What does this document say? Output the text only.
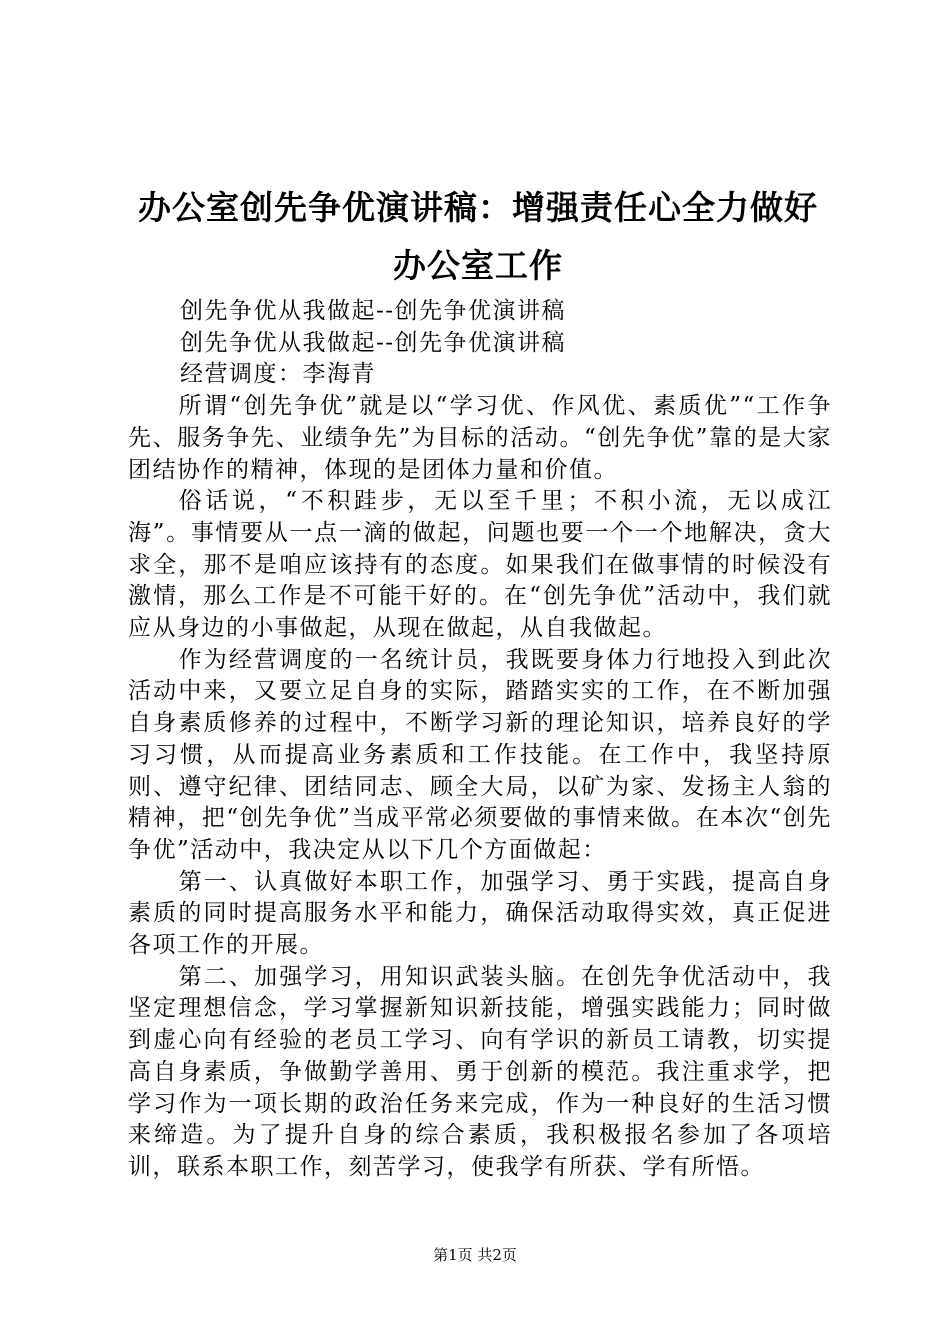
办公室创先争优演讲稿：增强责任心全力做好
办公室工作

创先争优从我做起--创先争优演讲稿

创先争优从我做起--创先争优演讲稿

经营调度：李海青

所谓“创先争优”就是以“学习优、作风优、素质优”“工作争先、服务争先、业绩争先”为目标的活动。“创先争优”靠的是大家团结协作的精神，体现的是团体力量和价值。

俗话说，“不积跬步，无以至千里；不积小流，无以成江海”。事情要从一点一滴的做起，问题也要一个一个地解决，贪大求全，那不是咱应该持有的态度。如果我们在做事情的时候没有激情，那么工作是不可能干好的。在“创先争优”活动中，我们就应从身边的小事做起，从现在做起，从自我做起。

作为经营调度的一名统计员，我既要身体力行地投入到此次活动中来，又要立足自身的实际，踏踏实实的工作，在不断加强自身素质修养的过程中，不断学习新的理论知识，培养良好的学习习惯，从而提高业务素质和工作技能。在工作中，我坚持原则、遵守纪律、团结同志、顾全大局，以矿为家、发扬主人翁的精神，把“创先争优”当成平常必须要做的事情来做。在本次“创先争优”活动中，我决定从以下几个方面做起：

第一、认真做好本职工作，加强学习、勇于实践，提高自身素质的同时提高服务水平和能力，确保活动取得实效，真正促进各项工作的开展。

第二、加强学习，用知识武装头脑。在创先争优活动中，我坚定理想信念，学习掌握新知识新技能，增强实践能力；同时做到虚心向有经验的老员工学习、向有学识的新员工请教，切实提高自身素质，争做勤学善用、勇于创新的模范。我注重求学，把学习作为一项长期的政治任务来完成，作为一种良好的生活习惯来缔造。为了提升自身的综合素质，我积极报名参加了各项培训，联系本职工作，刻苦学习，使我学有所获、学有所悟。

第1页 共2页
